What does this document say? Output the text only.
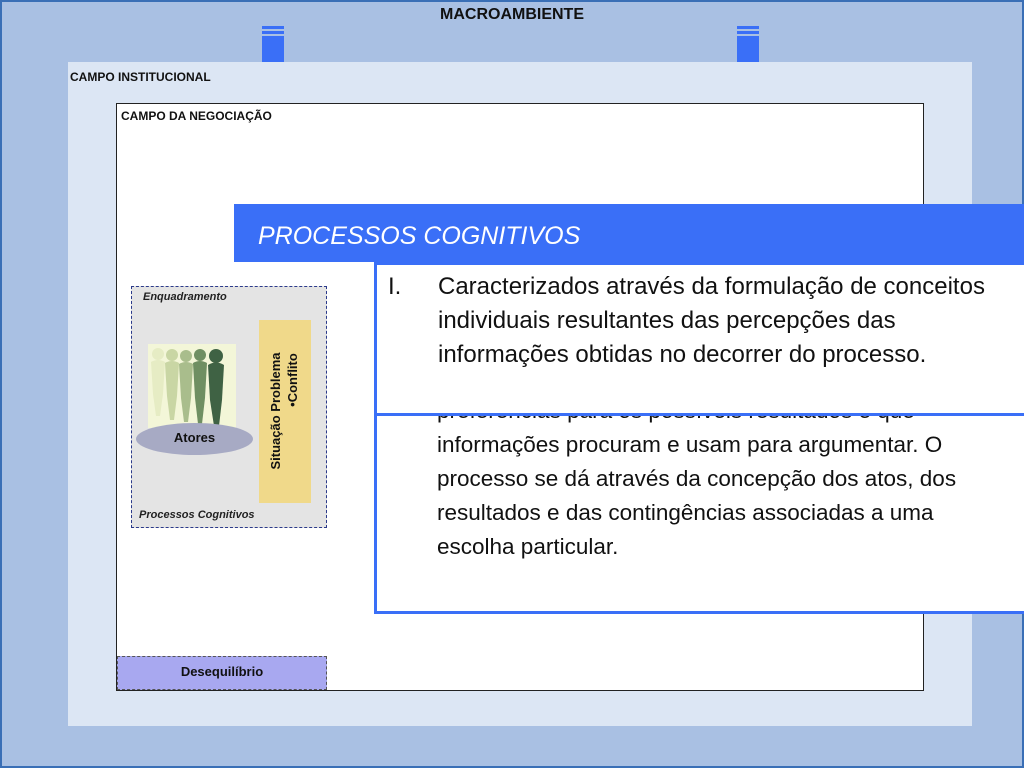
MACROAMBIENTE
CAMPO INSTITUCIONAL
CAMPO DA NEGOCIAÇÃO
Enquadramento
Atores	Situação Problema •Conflito
Processos Cognitivos
Desequilíbrio
informações procuram e usam para argumentar. O processo se dá através da concepção dos atos, dos resultados e das contingências associadas a uma escolha particular.
I. Caracterizados através da formulação de conceitos individuais resultantes das percepções das informações obtidas no decorrer do processo.
PROCESSOS COGNITIVOS
